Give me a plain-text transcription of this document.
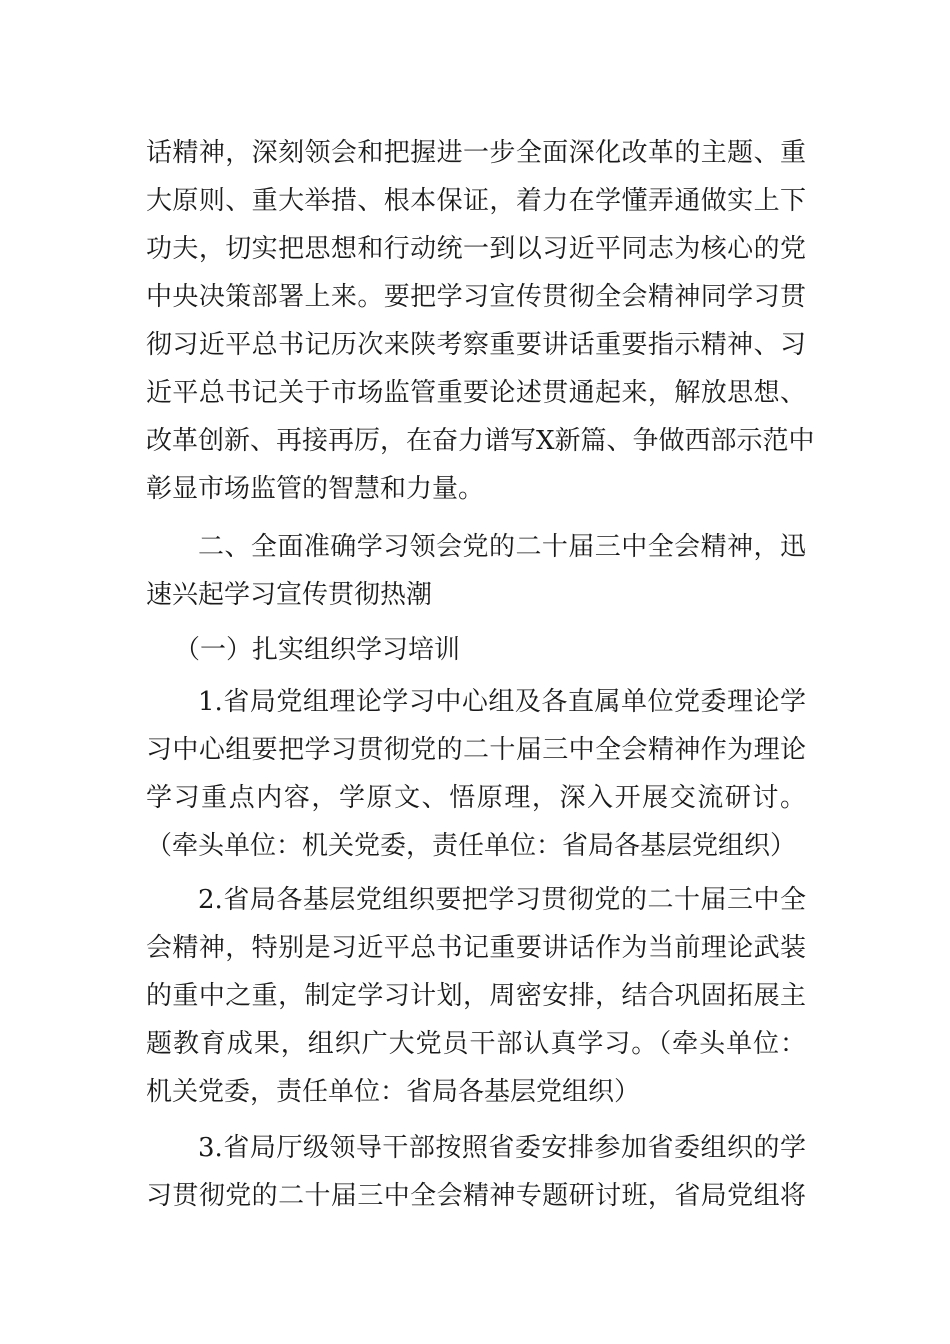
话精神，深刻领会和把握进一步全面深化改革的主题、重
大原则、重大举措、根本保证，着力在学懂弄通做实上下
功夫，切实把思想和行动统一到以习近平同志为核心的党
中央决策部署上来。要把学习宣传贯彻全会精神同学习贯
彻习近平总书记历次来陕考察重要讲话重要指示精神、习
近平总书记关于市场监管重要论述贯通起来，解放思想、
改革创新、再接再厉，在奋力谱写X新篇、争做西部示范中
彰显市场监管的智慧和力量。
二、全面准确学习领会党的二十届三中全会精神，迅
速兴起学习宣传贯彻热潮
（一）扎实组织学习培训
1.省局党组理论学习中心组及各直属单位党委理论学
习中心组要把学习贯彻党的二十届三中全会精神作为理论
学习重点内容，学原文、悟原理，深入开展交流研讨。
（牵头单位：机关党委，责任单位：省局各基层党组织）
2.省局各基层党组织要把学习贯彻党的二十届三中全
会精神，特别是习近平总书记重要讲话作为当前理论武装
的重中之重，制定学习计划，周密安排，结合巩固拓展主
题教育成果，组织广大党员干部认真学习。（牵头单位：
机关党委，责任单位：省局各基层党组织）
3.省局厅级领导干部按照省委安排参加省委组织的学
习贯彻党的二十届三中全会精神专题研讨班，省局党组将
